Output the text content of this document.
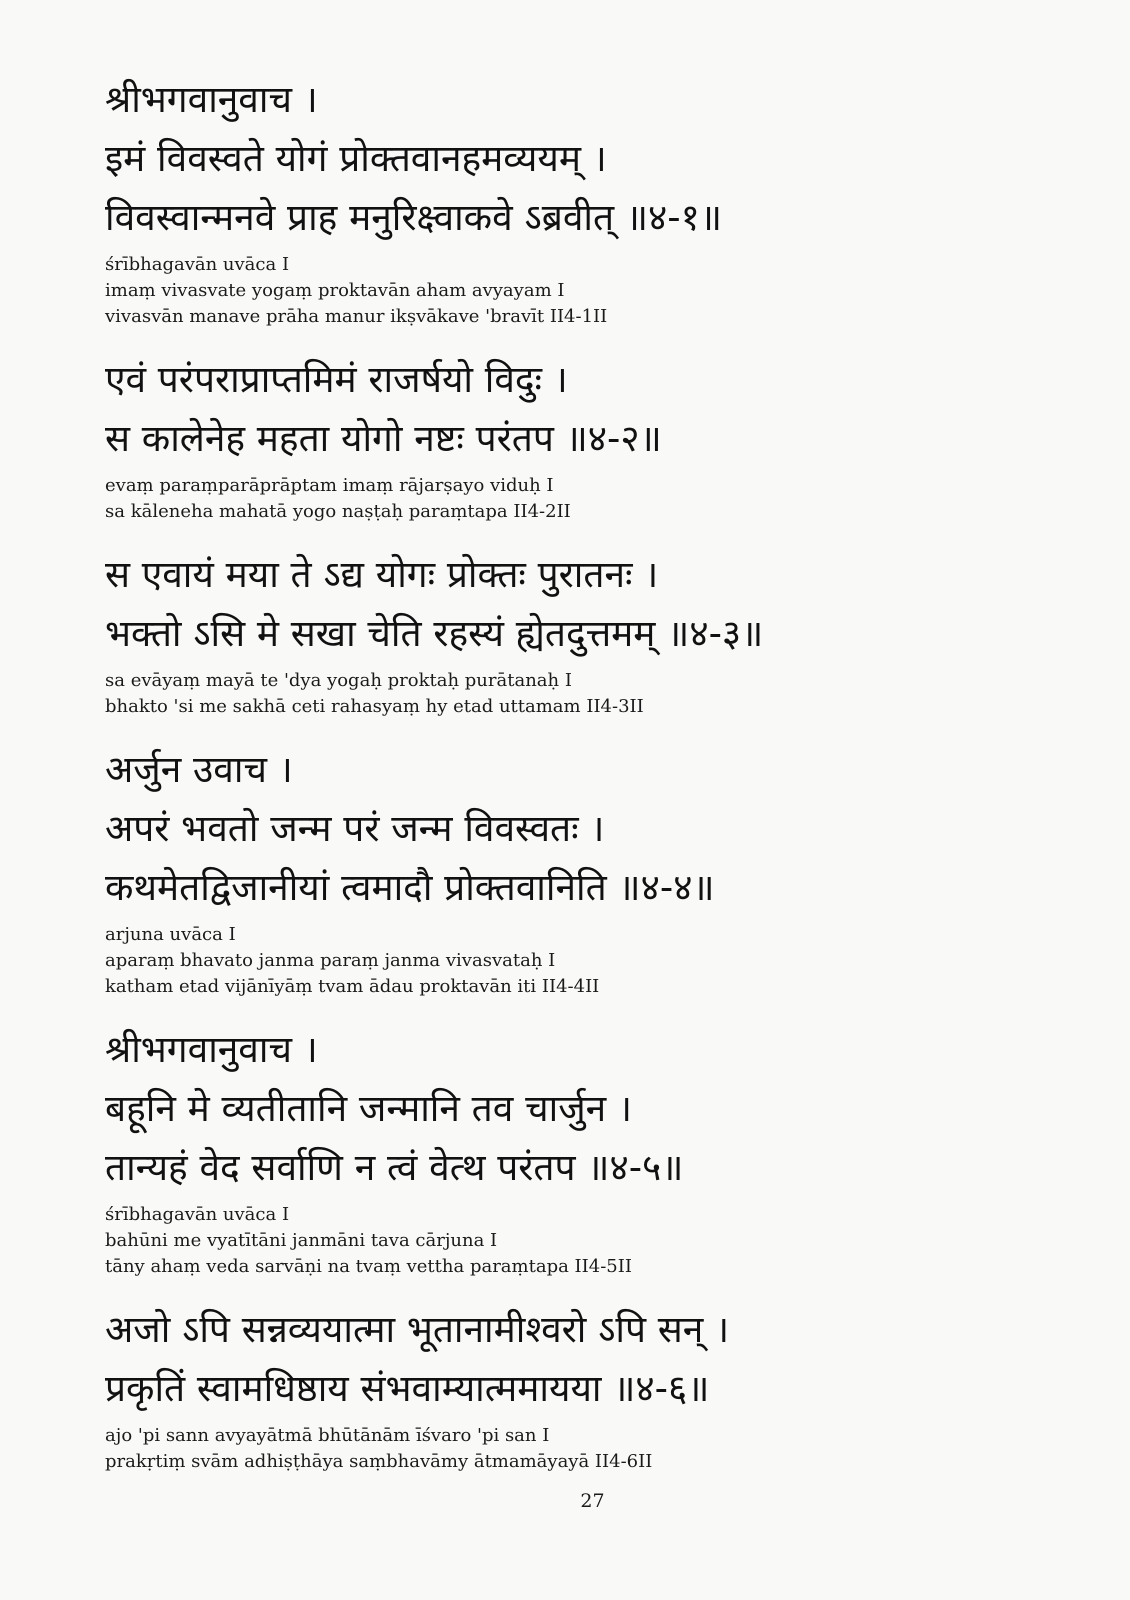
श्रीभगवानुवाच ।
इमं विवस्वते योगं प्रोक्तवानहमव्ययम् ।
विवस्वान्मनवे प्राह मनुरिक्ष्वाकवे ऽब्रवीत् ॥४-१॥
śrībhagavān uvāca I
imaṃ vivasvate yogaṃ proktavān aham avyayam I
vivasvān manave prāha manur ikṣvākave 'bravīt II4-1II
एवं परंपराप्राप्तमिमं राजर्षयो विदुः ।
स कालेनेह महता योगो नष्टः परंतप ॥४-२॥
evaṃ paraṃparāprāptam imaṃ rājarṣayo viduḥ I
sa kāleneha mahatā yogo naṣṭaḥ paraṃtapa II4-2II
स एवायं मया ते ऽद्य योगः प्रोक्तः पुरातनः ।
भक्तो ऽसि मे सखा चेति रहस्यं ह्येतदुत्तमम् ॥४-३॥
sa evāyaṃ mayā te 'dya yogaḥ proktaḥ purātanaḥ I
bhakto 'si me sakhā ceti rahasyaṃ hy etad uttamam II4-3II
अर्जुन उवाच ।
अपरं भवतो जन्म परं जन्म विवस्वतः ।
कथमेतद्विजानीयां त्वमादौ प्रोक्तवानिति ॥४-४॥
arjuna uvāca I
aparaṃ bhavato janma paraṃ janma vivasvataḥ I
katham etad vijānīyāṃ tvam ādau proktavān iti II4-4II
श्रीभगवानुवाच ।
बहूनि मे व्यतीतानि जन्मानि तव चार्जुन ।
तान्यहं वेद सर्वाणि न त्वं वेत्थ परंतप ॥४-५॥
śrībhagavān uvāca I
bahūni me vyatītāni janmāni tava cārjuna I
tāny ahaṃ veda sarvāṇi na tvaṃ vettha paraṃtapa II4-5II
अजो ऽपि सन्नव्ययात्मा भूतानामीश्वरो ऽपि सन् ।
प्रकृतिं स्वामधिष्ठाय संभवाम्यात्ममायया ॥४-६॥
ajo 'pi sann avyayātmā bhūtānām īśvaro 'pi san I
prakṛtiṃ svām adhiṣṭhāya saṃbhavāmy ātmamāyayā II4-6II
27
